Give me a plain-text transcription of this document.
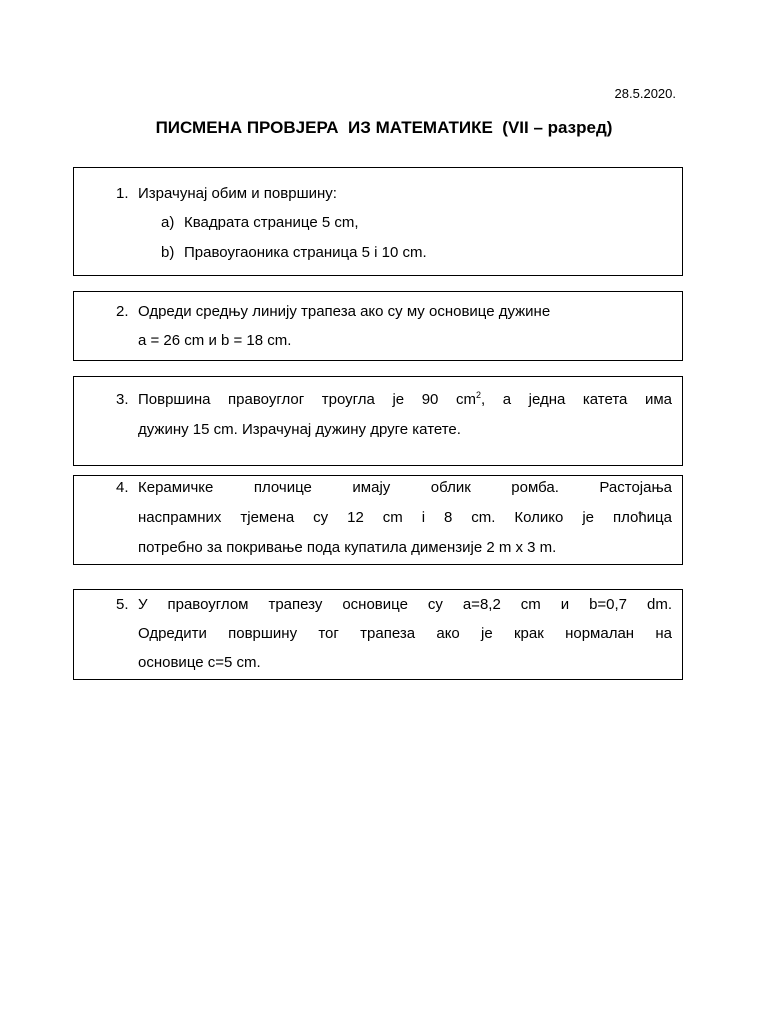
28.5.2020.
ПИСМЕНА ПРОВЈЕРА  ИЗ МАТЕМАТИКЕ  (VII – разред)
1. Израчунај обим и површину:
a) Квадрата странице 5 cm,
b) Правоугаоника страница 5 і 10 cm.
2. Одреди средњу линију трапеза ако су му основице дужине
a = 26 cm и b = 18 cm.
3. Површина правоуглог троугла је 90 $cm^2$, а једна катета има
дужину 15 cm. Израчунај дужину друге катете.
4. Керамичке плочице имају облик ромба. Растојања
наспрамних тјемена су 12 cm і 8 cm. Колико је плоћица
потребно за покривање пода купатила димензије 2 m x 3 m.
5. У правоуглом трапезу основице су a=8,2 cm и b=0,7 dm.
Одредити површину тог трапеза ако је крак нормалан на
основице c=5 cm.
